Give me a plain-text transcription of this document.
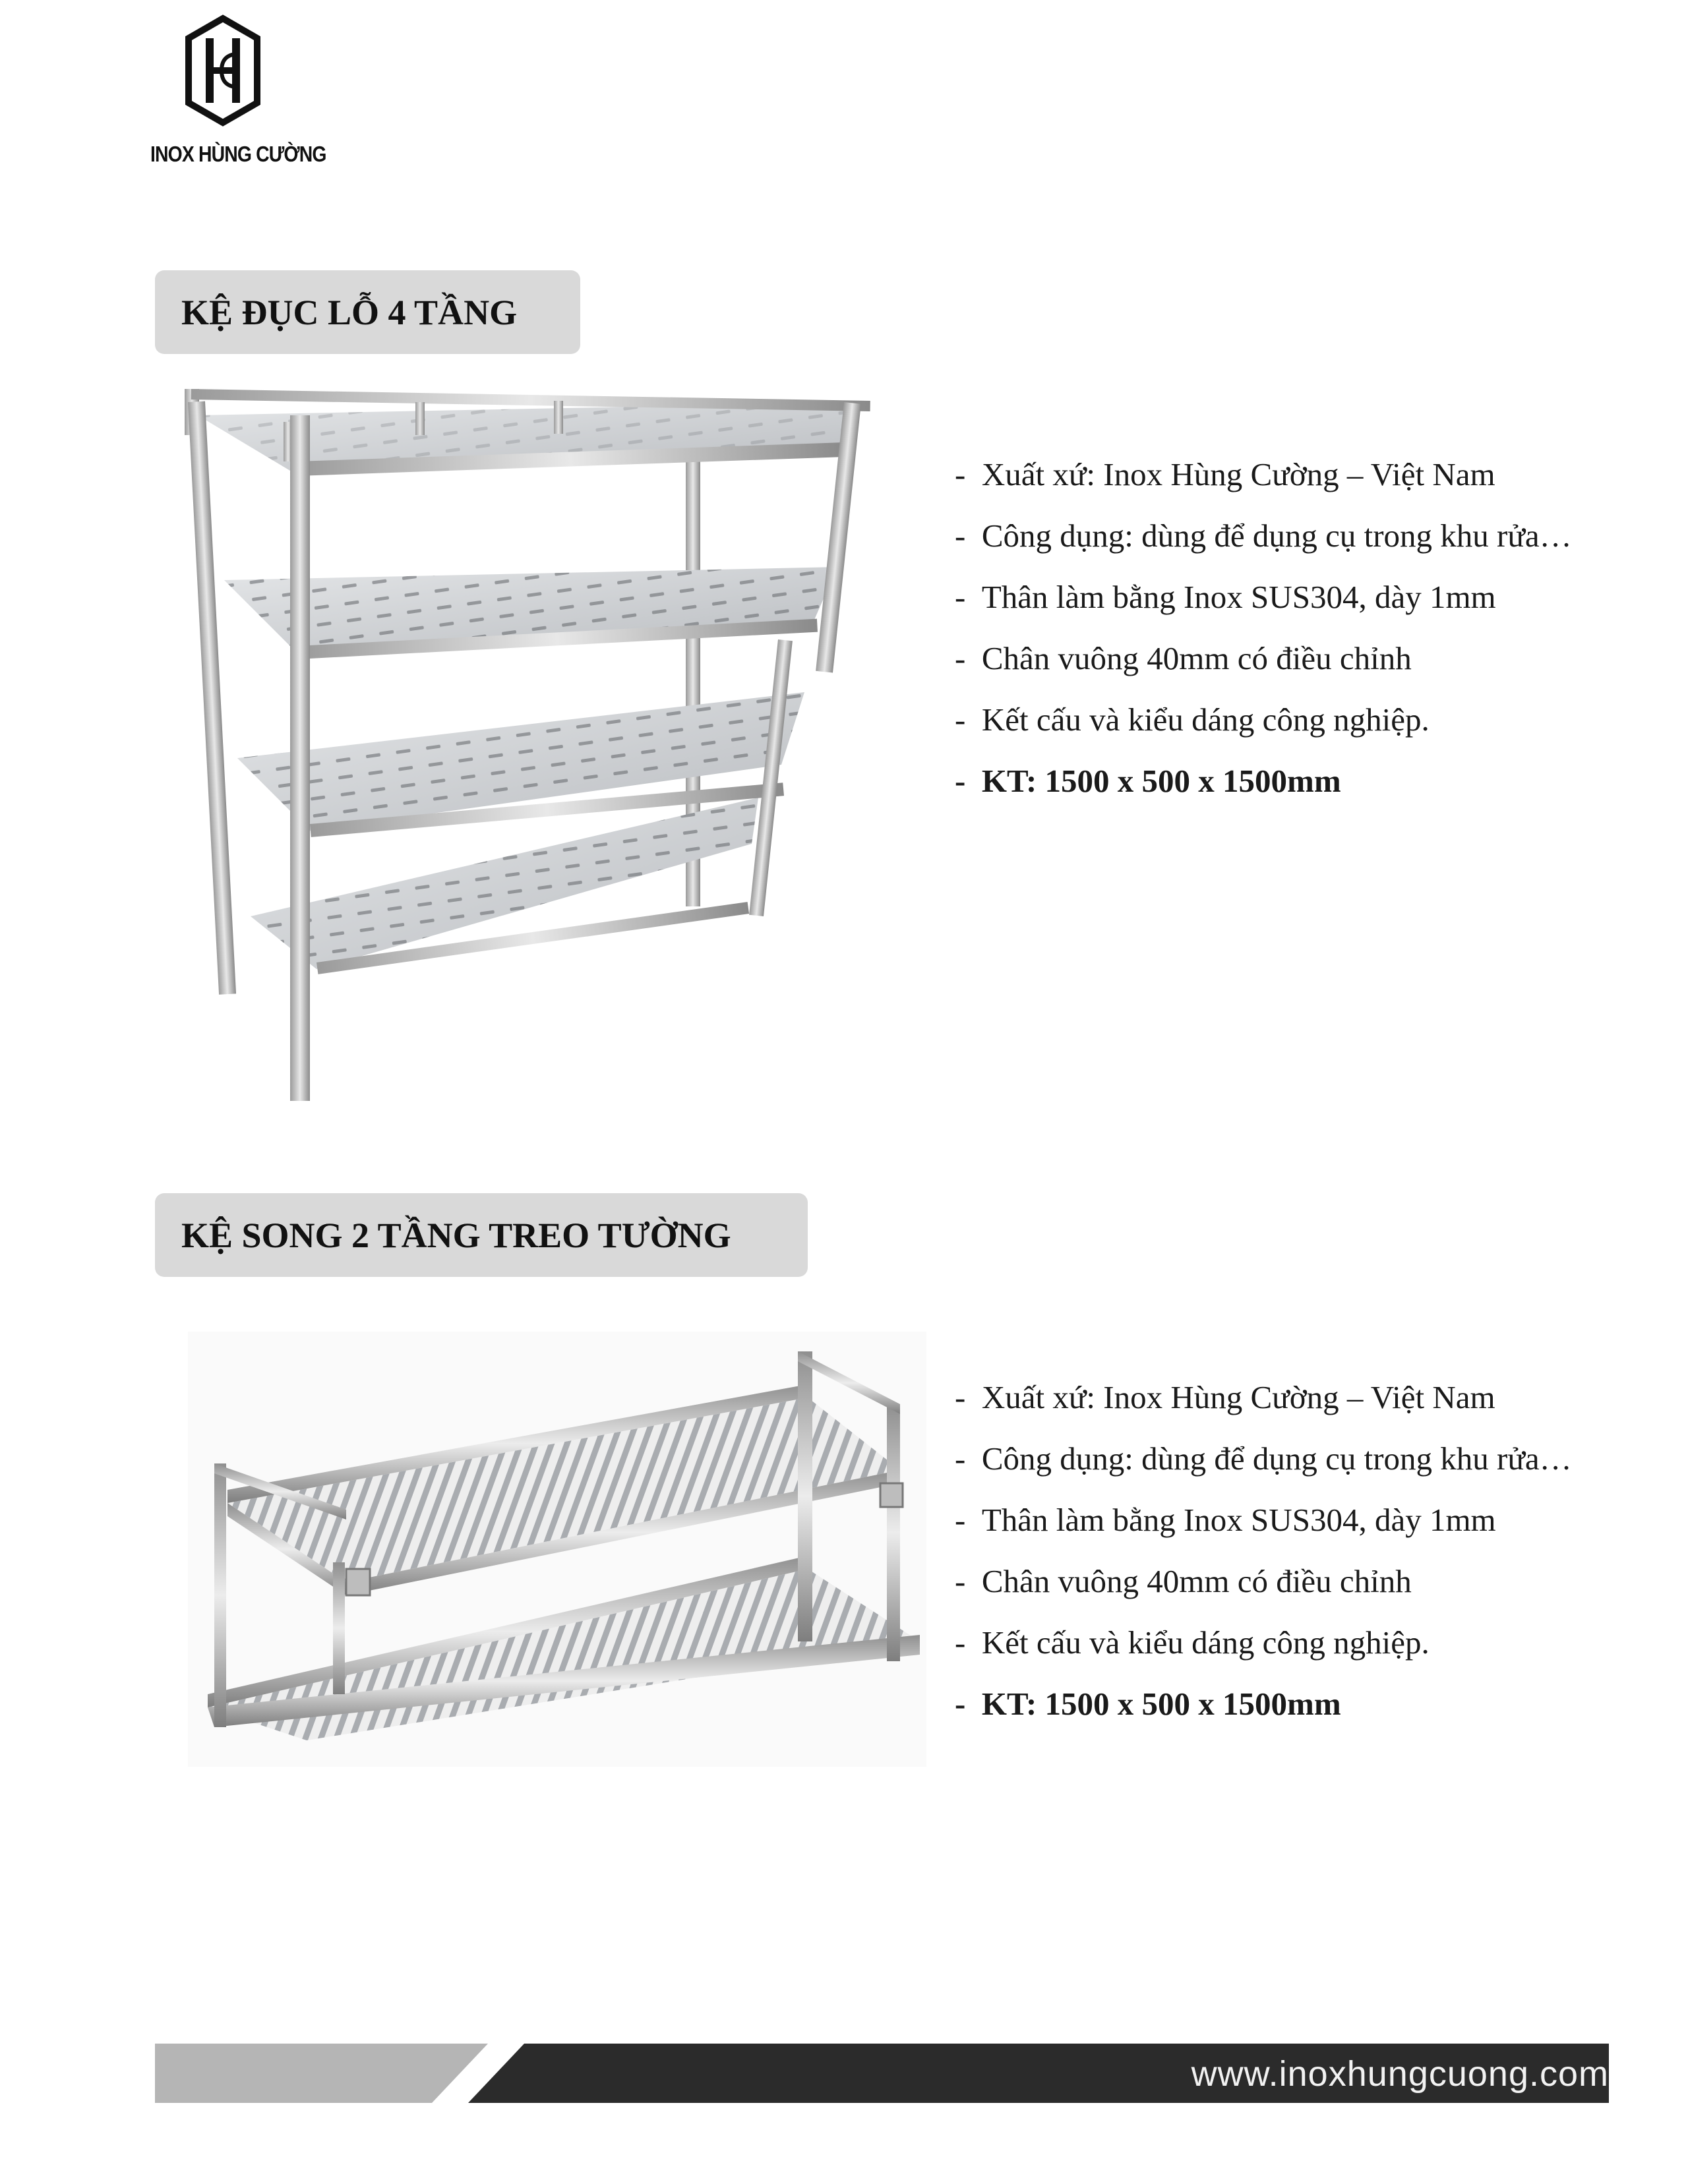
INOX HÙNG CƯỜNG
KỆ ĐỤC LỖ 4 TẦNG
-  Xuất xứ: Inox Hùng Cường – Việt Nam
-  Công dụng: dùng để dụng cụ trong khu rửa…
-  Thân làm bằng Inox SUS304, dày 1mm
-  Chân vuông 40mm có điều chỉnh
-  Kết cấu và kiểu dáng công nghiệp.
-  KT: 1500 x 500 x 1500mm
KỆ SONG 2 TẦNG TREO TƯỜNG
-  Xuất xứ: Inox Hùng Cường – Việt Nam
-  Công dụng: dùng để dụng cụ trong khu rửa…
-  Thân làm bằng Inox SUS304, dày 1mm
-  Chân vuông 40mm có điều chỉnh
-  Kết cấu và kiểu dáng công nghiệp.
-  KT: 1500 x 500 x 1500mm
www.inoxhungcuong.com
